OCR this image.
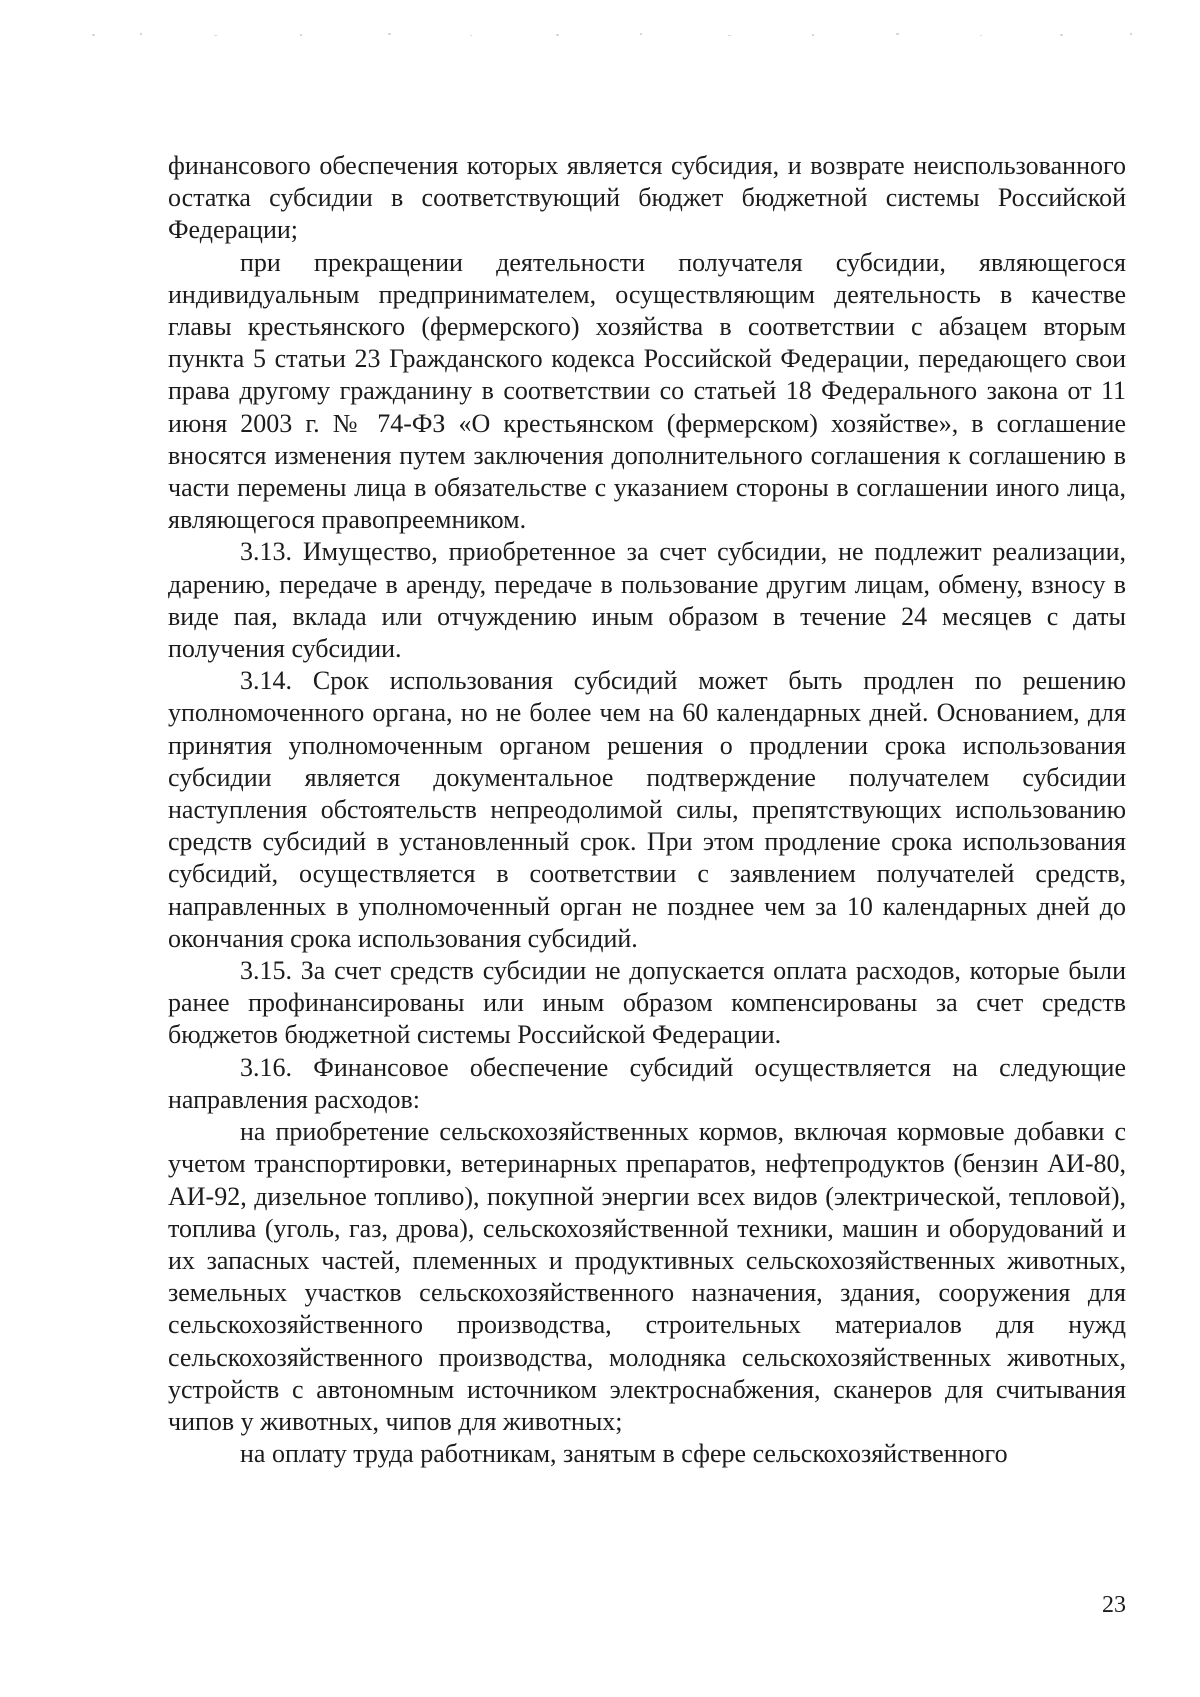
финансового обеспечения которых является субсидия, и возврате неиспользованного остатка субсидии в соответствующий бюджет бюджетной системы Российской Федерации;

при прекращении деятельности получателя субсидии, являющегося индивидуальным предпринимателем, осуществляющим деятельность в качестве главы крестьянского (фермерского) хозяйства в соответствии с абзацем вторым пункта 5 статьи 23 Гражданского кодекса Российской Федерации, передающего свои права другому гражданину в соответствии со статьей 18 Федерального закона от 11 июня 2003 г. № 74-ФЗ «О крестьянском (фермерском) хозяйстве», в соглашение вносятся изменения путем заключения дополнительного соглашения к соглашению в части перемены лица в обязательстве с указанием стороны в соглашении иного лица, являющегося правопреемником.

3.13. Имущество, приобретенное за счет субсидии, не подлежит реализации, дарению, передаче в аренду, передаче в пользование другим лицам, обмену, взносу в виде пая, вклада или отчуждению иным образом в течение 24 месяцев с даты получения субсидии.

3.14. Срок использования субсидий может быть продлен по решению уполномоченного органа, но не более чем на 60 календарных дней. Основанием, для принятия уполномоченным органом решения о продлении срока использования субсидии является документальное подтверждение получателем субсидии наступления обстоятельств непреодолимой силы, препятствующих использованию средств субсидий в установленный срок. При этом продление срока использования субсидий, осуществляется в соответствии с заявлением получателей средств, направленных в уполномоченный орган не позднее чем за 10 календарных дней до окончания срока использования субсидий.

3.15. За счет средств субсидии не допускается оплата расходов, которые были ранее профинансированы или иным образом компенсированы за счет средств бюджетов бюджетной системы Российской Федерации.

3.16. Финансовое обеспечение субсидий осуществляется на следующие направления расходов:

на приобретение сельскохозяйственных кормов, включая кормовые добавки с учетом транспортировки, ветеринарных препаратов, нефтепродуктов (бензин АИ-80, АИ-92, дизельное топливо), покупной энергии всех видов (электрической, тепловой), топлива (уголь, газ, дрова), сельскохозяйственной техники, машин и оборудований и их запасных частей, племенных и продуктивных сельскохозяйственных животных, земельных участков сельскохозяйственного назначения, здания, сооружения для сельскохозяйственного производства, строительных материалов для нужд сельскохозяйственного производства, молодняка сельскохозяйственных животных, устройств с автономным источником электроснабжения, сканеров для считывания чипов у животных, чипов для животных;

на оплату труда работникам, занятым в сфере сельскохозяйственного

23
